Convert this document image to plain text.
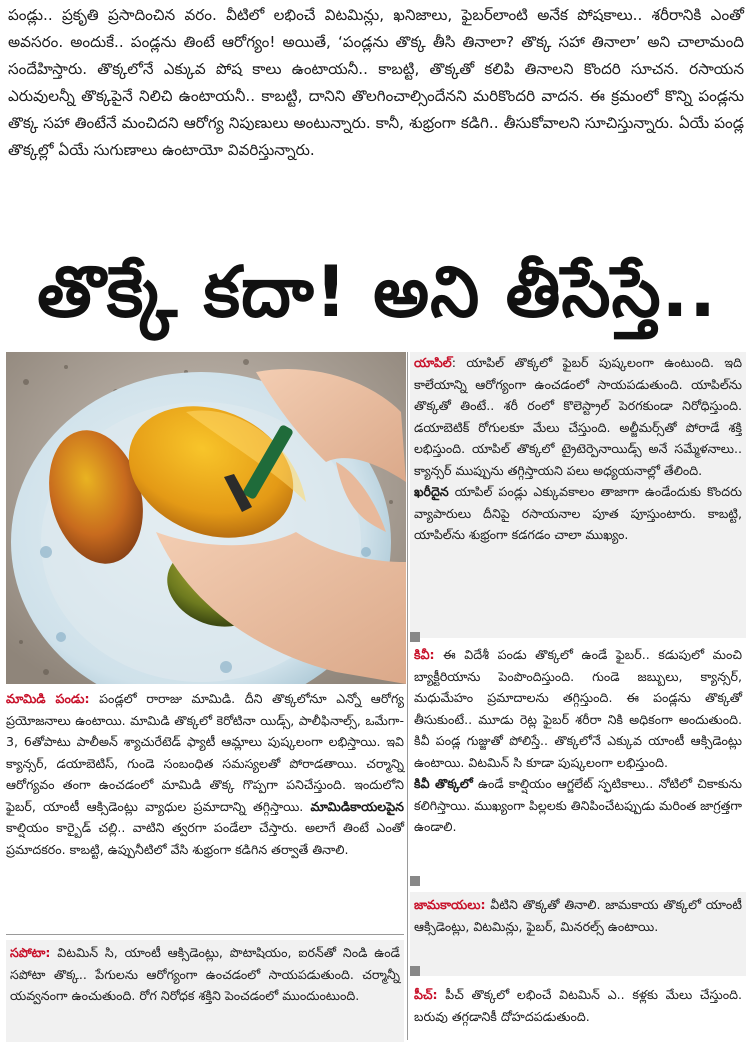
పండ్లు.. ప్రకృతి ప్రసాదించిన వరం. వీటిలో లభించే విటమిన్లు, ఖనిజాలు, ఫైబర్‌లాంటి అనేక పోషకాలు.. శరీరానికి ఎంతో అవసరం. అందుకే.. పండ్లను తింటే ఆరోగ్యం! అయితే, ‘పండ్లను తొక్క తీసి తినాలా? తొక్క సహా తినాలా’ అని చాలామంది సందేహిస్తారు. తొక్కలోనే ఎక్కువ పోష కాలు ఉంటాయనీ.. కాబట్టి, తొక్కతో కలిపి తినాలని కొందరి సూచన. రసాయన ఎరువులన్నీ తొక్కపైనే నిలిచి ఉంటాయనీ.. కాబట్టి, దానిని తొలగించాల్సిందేనని మరికొందరి వాదన. ఈ క్రమంలో కొన్ని పండ్లను తొక్క సహా తింటేనే మంచిదని ఆరోగ్య నిపుణులు అంటున్నారు. కానీ, శుభ్రంగా కడిగి.. తీసుకోవాలని సూచిస్తున్నారు. ఏయే పండ్ల తొక్కల్లో ఏయే సుగుణాలు ఉంటాయో వివరిస్తున్నారు.

తొక్కే కదా! అని తీసేస్తే..

మామిడి పండు: పండ్లలో రారాజు మామిడి. దీని తొక్కలోనూ ఎన్నో ఆరోగ్య ప్రయోజనాలు ఉంటాయి. మామిడి తొక్కలో కెరోటినా యిడ్స్, పాలీఫినాల్స్, ఒమేగా- 3, 6తోపాటు పాలీఅన్ శ్యాచురేటెడ్ ఫ్యాటీ ఆమ్లాలు పుష్కలంగా లభిస్తాయి. ఇవి క్యాన్సర్, డయాబెటిస్, గుండె సంబంధిత సమస్యలతో పోరాడతాయి. చర్మాన్ని ఆరోగ్యవం తంగా ఉంచడంలో మామిడి తొక్క గొప్పగా పనిచేస్తుంది. ఇందులోని ఫైబర్, యాంటీ ఆక్సిడెంట్లు వ్యాధుల ప్రమాదాన్ని తగ్గిస్తాయి. మామిడికాయలపైన కాల్షియం కార్బైడ్ చల్లి.. వాటిని త్వరగా పండేలా చేస్తారు. అలాగే తింటే ఎంతో ప్రమాదకరం. కాబట్టి, ఉప్పునీటిలో వేసి శుభ్రంగా కడిగిన తర్వాతే తినాలి.

సపోటా: విటమిన్ సి, యాంటీ ఆక్సిడెంట్లు, పొటాషియం, ఐరన్‌తో నిండి ఉండే సపోటా తొక్క.. పేగులను ఆరోగ్యంగా ఉంచడంలో సాయపడుతుంది. చర్మాన్నీ యవ్వనంగా ఉంచుతుంది. రోగ నిరోధక శక్తిని పెంచడంలో ముందుంటుంది.

యాపిల్: యాపిల్ తొక్కలో ఫైబర్ పుష్కలంగా ఉంటుంది. ఇది కాలేయాన్ని ఆరోగ్యంగా ఉంచడంలో సాయపడుతుంది. యాపిల్‌ను తొక్కతో తింటే.. శరీ రంలో కొలెస్ట్రాల్ పెరగకుండా నిరోధిస్తుంది. డయాబెటిక్ రోగులకూ మేలు చేస్తుంది. అల్జీమర్స్‌తో పోరాడే శక్తి లభిస్తుంది. యాపిల్ తొక్కలో ట్రైటెర్పెనాయిడ్స్ అనే సమ్మేళనాలు.. క్యాన్సర్ ముప్పును తగ్గిస్తాయని పలు అధ్యయనాల్లో తేలింది.

ఖరీదైన యాపిల్ పండ్లు ఎక్కువకాలం తాజాగా ఉండేందుకు కొందరు వ్యాపారులు దీనిపై రసాయనాల పూత పూస్తుంటారు. కాబట్టి, యాపిల్‌ను శుభ్రంగా కడగడం చాలా ముఖ్యం.

కివీ: ఈ విదేశీ పండు తొక్కలో ఉండే ఫైబర్.. కడుపులో మంచి బ్యాక్టీరియాను పెంపొందిస్తుంది. గుండె జబ్బులు, క్యాన్సర్, మధుమేహం ప్రమాదాలను తగ్గిస్తుంది. ఈ పండ్లను తొక్కతో తీసుకుంటే.. మూడు రెట్ల ఫైబర్ శరీరా నికి అధికంగా అందుతుంది. కివీ పండ్ల గుజ్జుతో పోలిస్తే.. తొక్కలోనే ఎక్కువ యాంటీ ఆక్సిడెంట్లు ఉంటాయి. విటమిన్ సి కూడా పుష్కలంగా లభిస్తుంది.

కివీ తొక్కలో ఉండే కాల్షియం ఆగ్జలేట్ స్ఫటికాలు.. నోటిలో చికాకును కలిగిస్తాయి. ముఖ్యంగా పిల్లలకు తినిపించేటప్పుడు మరింత జాగ్రత్తగా ఉండాలి.

జామకాయలు: వీటిని తొక్కతో తినాలి. జామకాయ తొక్కలో యాంటీ ఆక్సిడెంట్లు, విటమిన్లు, ఫైబర్, మినరల్స్ ఉంటాయి.

పీచ్: పీచ్ తొక్కలో లభించే విటమిన్ ఎ.. కళ్లకు మేలు చేస్తుంది. బరువు తగ్గడానికీ దోహదపడుతుంది.
